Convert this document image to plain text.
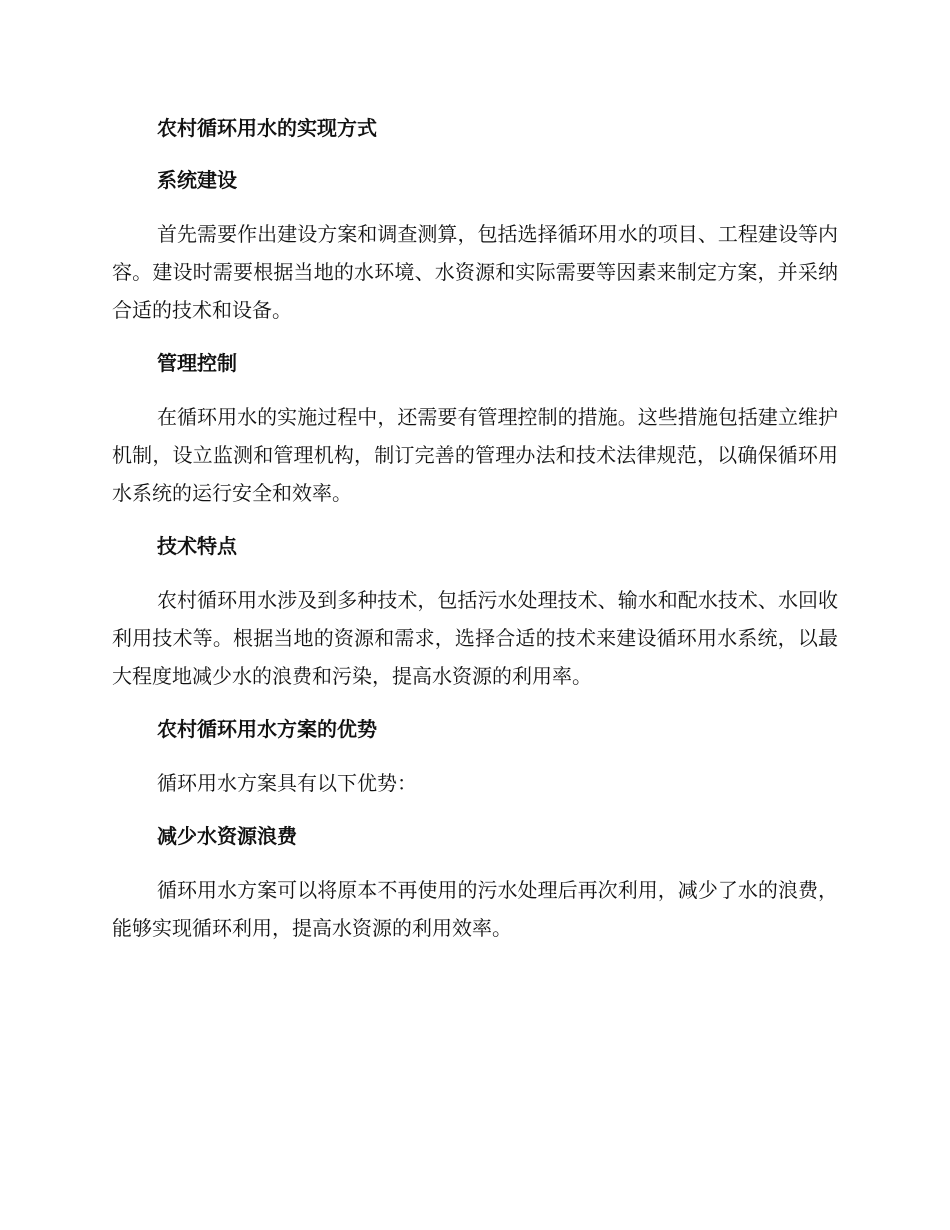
农村循环用水的实现方式
系统建设

首先需要作出建设方案和调查测算，包括选择循环用水的项目、工程建设等内容。建设时需要根据当地的水环境、水资源和实际需要等因素来制定方案，并采纳合适的技术和设备。

管理控制

在循环用水的实施过程中，还需要有管理控制的措施。这些措施包括建立维护机制，设立监测和管理机构，制订完善的管理办法和技术法律规范，以确保循环用水系统的运行安全和效率。

技术特点

农村循环用水涉及到多种技术，包括污水处理技术、输水和配水技术、水回收利用技术等。根据当地的资源和需求，选择合适的技术来建设循环用水系统，以最大程度地减少水的浪费和污染，提高水资源的利用率。

农村循环用水方案的优势

循环用水方案具有以下优势：

减少水资源浪费

循环用水方案可以将原本不再使用的污水处理后再次利用，减少了水的浪费，能够实现循环利用，提高水资源的利用效率。
